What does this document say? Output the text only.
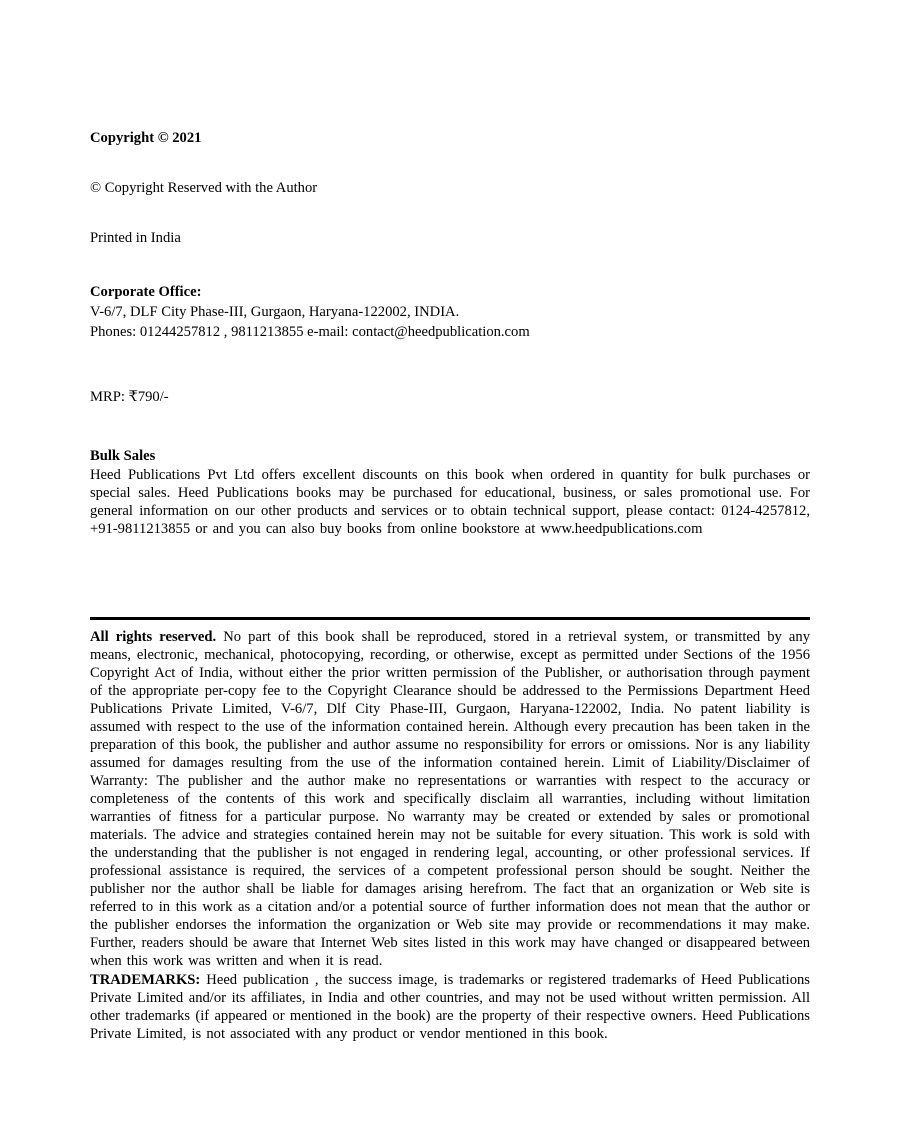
Copyright © 2021

© Copyright Reserved with the Author

Printed in India

Corporate Office:

V-6/7, DLF City Phase-III, Gurgaon, Haryana-122002, INDIA.

Phones: 01244257812 , 9811213855 e-mail: contact@heedpublication.com

MRP: ₹790/-

Bulk Sales

Heed Publications Pvt Ltd offers excellent discounts on this book when ordered in quantity for bulk purchases or special sales. Heed Publications books may be purchased for educational, business, or sales promotional use. For general information on our other products and services or to obtain technical support, please contact: 0124-4257812, +91-9811213855 or and you can also buy books from online bookstore at www.heedpublications.com

All rights reserved. No part of this book shall be reproduced, stored in a retrieval system, or transmitted by any means, electronic, mechanical, photocopying, recording, or otherwise, except as permitted under Sections of the 1956 Copyright Act of India, without either the prior written permission of the Publisher, or authorisation through payment of the appropriate per-copy fee to the Copyright Clearance should be addressed to the Permissions Department Heed Publications Private Limited, V-6/7, Dlf City Phase-III, Gurgaon, Haryana-122002, India. No patent liability is assumed with respect to the use of the information contained herein. Although every precaution has been taken in the preparation of this book, the publisher and author assume no responsibility for errors or omissions. Nor is any liability assumed for damages resulting from the use of the information contained herein. Limit of Liability/Disclaimer of Warranty: The publisher and the author make no representations or warranties with respect to the accuracy or completeness of the contents of this work and specifically disclaim all warranties, including without limitation warranties of fitness for a particular purpose. No warranty may be created or extended by sales or promotional materials. The advice and strategies contained herein may not be suitable for every situation. This work is sold with the understanding that the publisher is not engaged in rendering legal, accounting, or other professional services. If professional assistance is required, the services of a competent professional person should be sought. Neither the publisher nor the author shall be liable for damages arising herefrom. The fact that an organization or Web site is referred to in this work as a citation and/or a potential source of further information does not mean that the author or the publisher endorses the information the organization or Web site may provide or recommendations it may make. Further, readers should be aware that Internet Web sites listed in this work may have changed or disappeared between when this work was written and when it is read.

TRADEMARKS: Heed publication , the success image, is trademarks or registered trademarks of Heed Publications Private Limited and/or its affiliates, in India and other countries, and may not be used without written permission. All other trademarks (if appeared or mentioned in the book) are the property of their respective owners. Heed Publications Private Limited, is not associated with any product or vendor mentioned in this book.
